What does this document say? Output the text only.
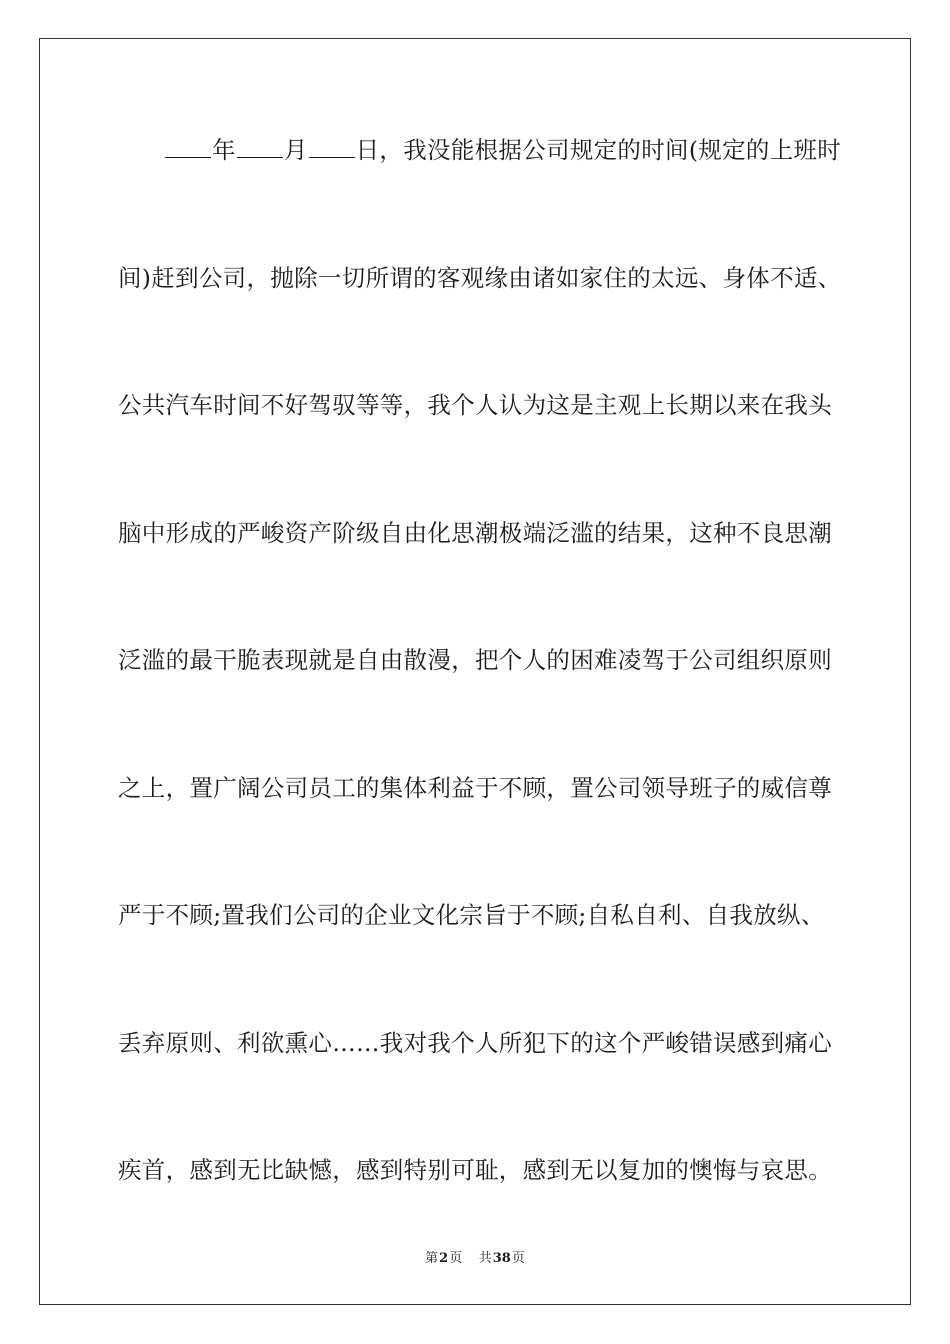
年 月 日，我没能根据公司规定的时间(规定的上班时
间)赶到公司，抛除一切所谓的客观缘由诸如家住的太远、身体不适、
公共汽车时间不好驾驭等等，我个人认为这是主观上长期以来在我头
脑中形成的严峻资产阶级自由化思潮极端泛滥的结果，这种不良思潮
泛滥的最干脆表现就是自由散漫，把个人的困难凌驾于公司组织原则
之上，置广阔公司员工的集体利益于不顾，置公司领导班子的威信尊
严于不顾;置我们公司的企业文化宗旨于不顾;自私自利、自我放纵、
丢弃原则、利欲熏心……我对我个人所犯下的这个严峻错误感到痛心
疾首，感到无比缺憾，感到特别可耻，感到无以复加的懊悔与哀思。
第2页 共38页
